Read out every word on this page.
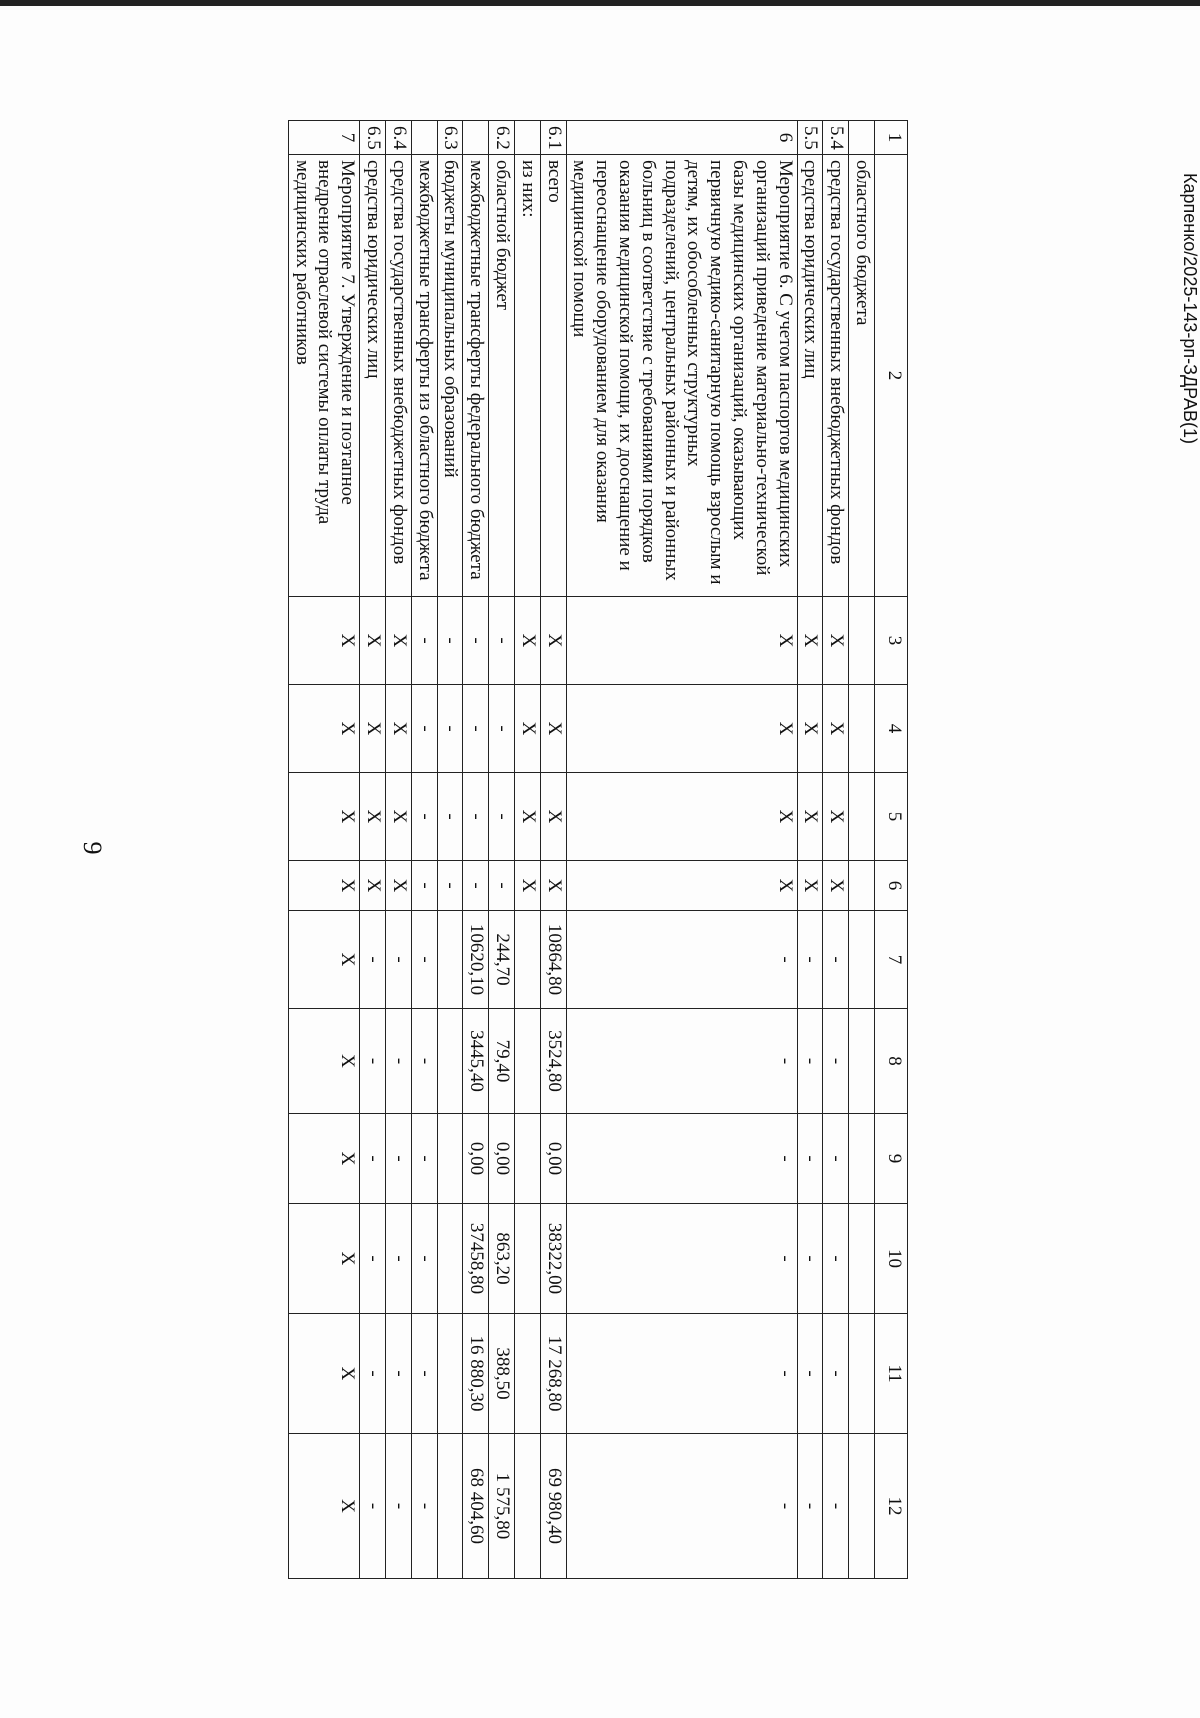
9
Карпенко/2025-143-рп-ЗДРАВ(1)
1	2	3	4	5	6	7	8	9	10	11	12
	областного бюджета										
5.4	средства государственных внебюджетных фондов	X	X	X	X	-	-	-	-	-	-
5.5	средства юридических лиц	X	X	X	X	-	-	-	-	-	-
6	Мероприятие 6. С учетом паспортов медицинских организаций приведение материально-технической базы медицинских организаций, оказывающих первичную медико-санитарную помощь взрослым и детям, их обособленных структурных подразделений, центральных районных и районных больниц в соответствие с требованиями порядков оказания медицинской помощи, их дооснащение и переоснащение оборудованием для оказания медицинской помощи	X	X	X	X	-	-	-	-	-	-
6.1	всего	X	X	X	X	10864,80	3524,80	0,00	38322,00	17 268,80	69 980,40
	из них:	X	X	X	X						
6.2	областной бюджет	-	-	-	-	244,70	79,40	0,00	863,20	388,50	1 575,80
	межбюджетные трансферты федерального бюджета	-	-	-	-	10620,10	3445,40	0,00	37458,80	16 880,30	68 404,60
6.3	бюджеты муниципальных образований	-	-	-	-						
	межбюджетные трансферты из областного бюджета	-	-	-	-	-	-	-	-	-	-
6.4	средства государственных внебюджетных фондов	X	X	X	X	-	-	-	-	-	-
6.5	средства юридических лиц	X	X	X	X	-	-	-	-	-	-
7	Мероприятие 7. Утверждение и поэтапное внедрение отраслевой системы оплаты труда медицинских работников	X	X	X	X	X	X	X	X	X	X
